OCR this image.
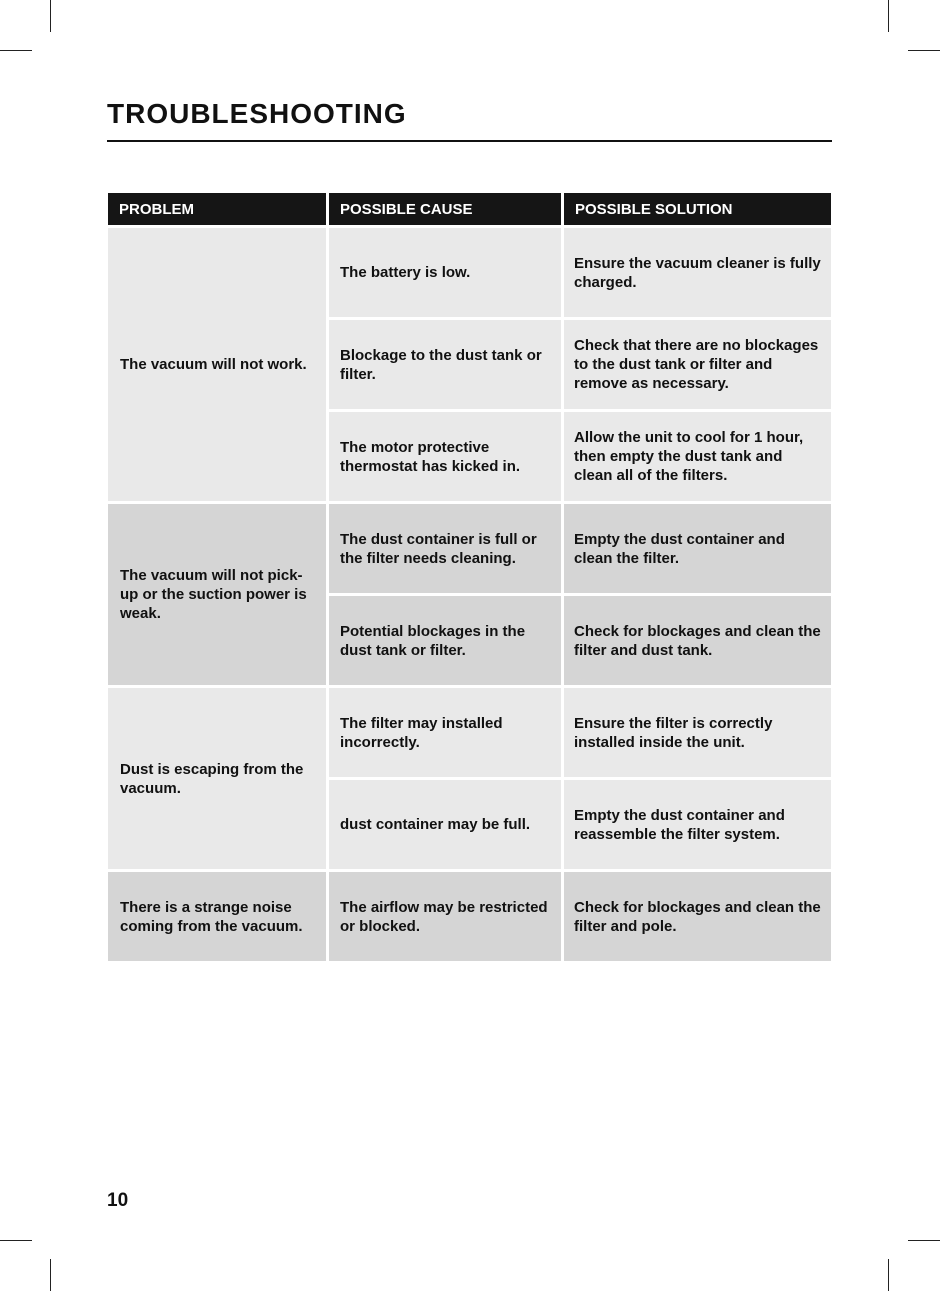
TROUBLESHOOTING
PROBLEM	POSSIBLE CAUSE	POSSIBLE SOLUTION
The vacuum will not work.
The battery is low.
Ensure the vacuum cleaner is fully charged.
Blockage to the dust tank or filter.
Check that there are no blockages to the dust tank or filter and remove as necessary.
The motor protective thermostat has kicked in.
Allow the unit to cool for 1 hour, then empty the dust tank and clean all of the filters.
The vacuum will not pick-up or the suction power is weak.
The dust container is full or the filter needs cleaning.
Empty the dust container and clean the filter.
Potential blockages in the dust tank or filter.
Check for blockages and clean the filter and dust tank.
Dust is escaping from the vacuum.
The filter may installed incorrectly.
Ensure the filter is correctly installed inside the unit.
dust container may be full.
Empty the dust container and reassemble the filter system.
There is a strange noise coming from the vacuum.
The airflow may be restricted or blocked.
Check for blockages and clean the filter and pole.
10
